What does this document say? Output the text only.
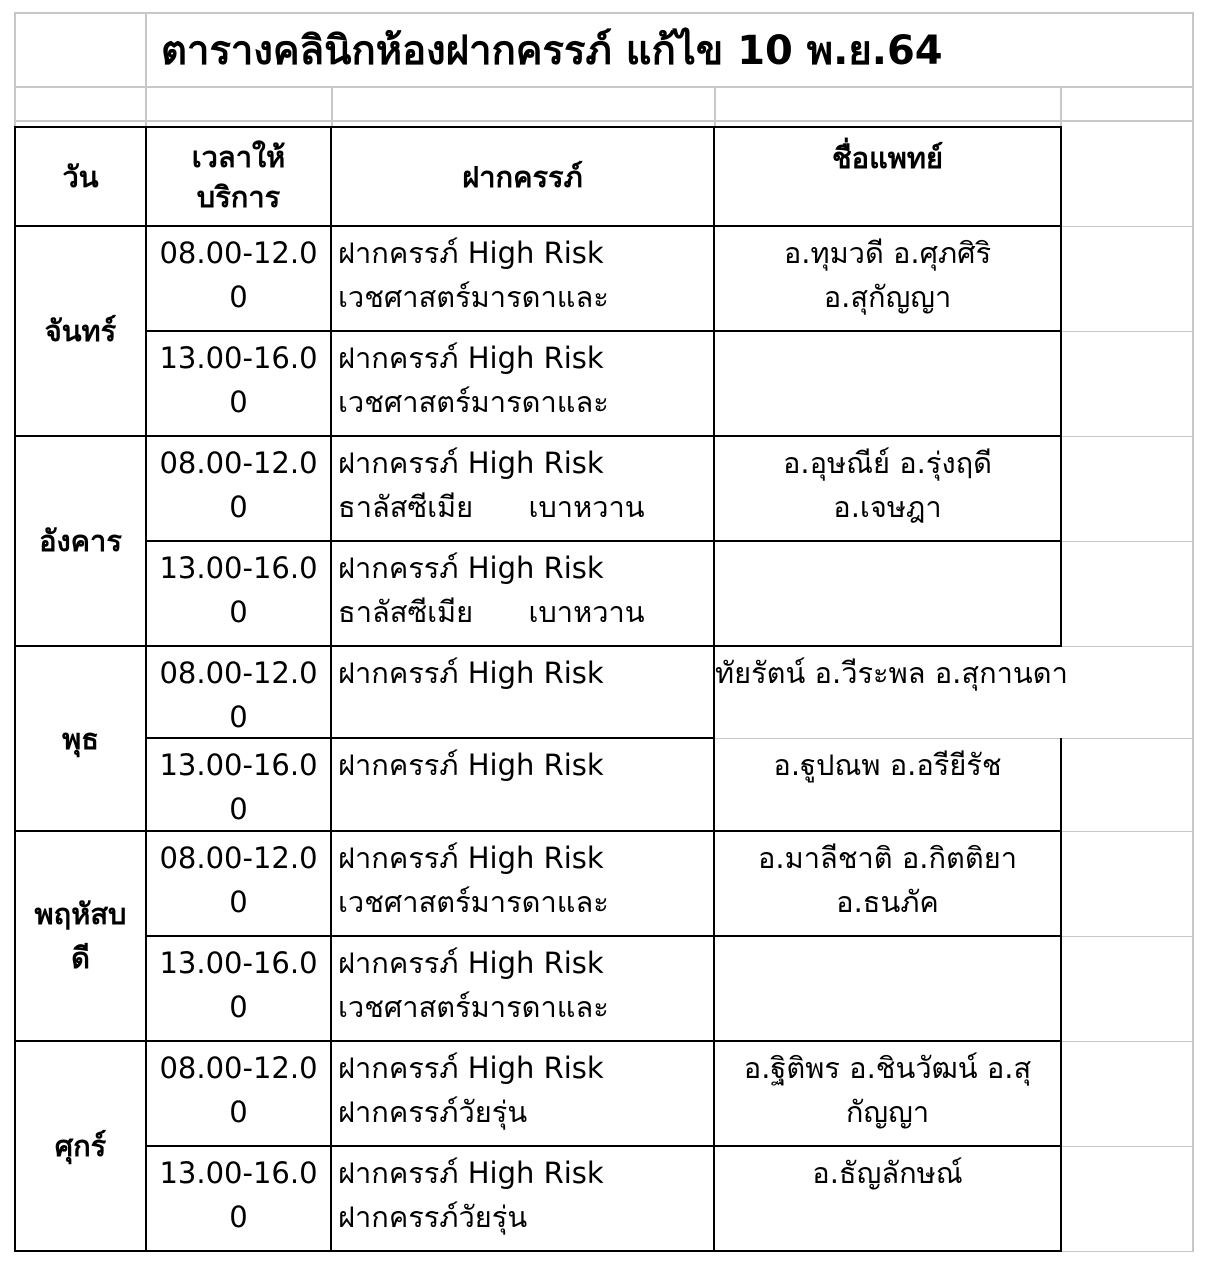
ตารางคลินิกห้องฝากครรภ์ แก้ไข 10 พ.ย.64
วัน
เวลาให้
บริการ
ฝากครรภ์
ชื่อแพทย์
จันทร์
08.00-12.0
0
ฝากครรภ์ High Risk
เวชศาสตร์มารดาและ
อ.ทุมวดี อ.ศุภศิริ
อ.สุกัญญา
13.00-16.0
0
ฝากครรภ์ High Risk
เวชศาสตร์มารดาและ
อังคาร
08.00-12.0
0
ฝากครรภ์ High Risk
ธาลัสซีเมีย      เบาหวาน
อ.อุษณีย์ อ.รุ่งฤดี
อ.เจษฎา
13.00-16.0
0
ฝากครรภ์ High Risk
ธาลัสซีเมีย      เบาหวาน
พุธ
08.00-12.0
0
ฝากครรภ์ High Risk	ทัยรัตน์ อ.วีระพล อ.สุกานดา
13.00-16.0
0
ฝากครรภ์ High Risk	อ.ฐูปณพ อ.อรียีรัช
พฤหัสบ
ดี
08.00-12.0
0
ฝากครรภ์ High Risk
เวชศาสตร์มารดาและ
อ.มาลีชาติ อ.กิตติยา
อ.ธนภัค
13.00-16.0
0
ฝากครรภ์ High Risk
เวชศาสตร์มารดาและ
ศุกร์
08.00-12.0
0
ฝากครรภ์ High Risk
ฝากครรภ์วัยรุ่น
อ.ฐิติพร อ.ชินวัฒน์ อ.สุ
กัญญา
13.00-16.0
0
ฝากครรภ์ High Risk
ฝากครรภ์วัยรุ่น
อ.ธัญลักษณ์
